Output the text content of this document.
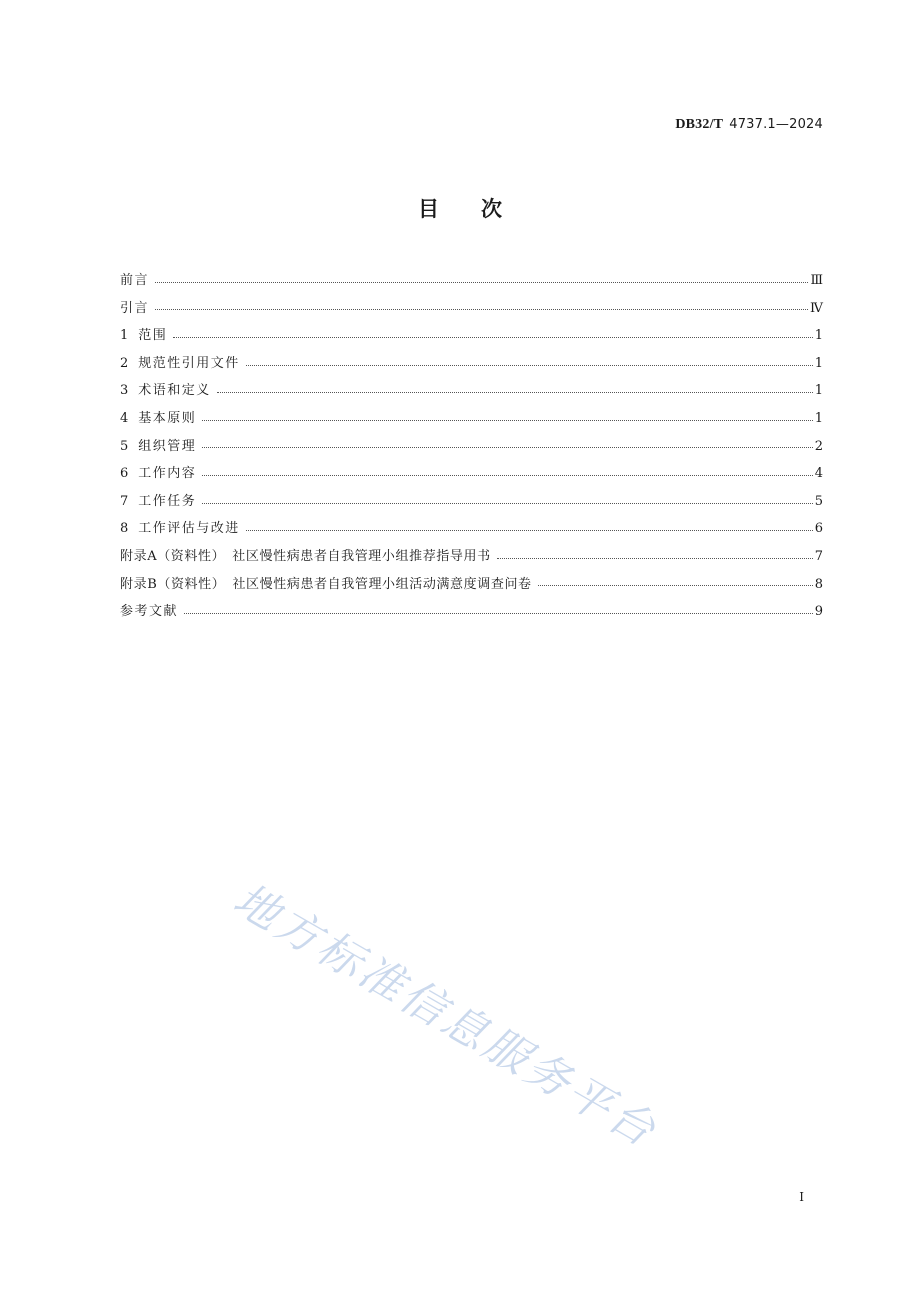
DB32/T 4737.1—2024
目　　次
前言	Ⅲ
引言	Ⅳ
1 范围	1
2 规范性引用文件	1
3 术语和定义	1
4 基本原则	1
5 组织管理	2
6 工作内容	4
7 工作任务	5
8 工作评估与改进	6
附录A（资料性）　社区慢性病患者自我管理小组推荐指导用书	7
附录B（资料性）　社区慢性病患者自我管理小组活动满意度调查问卷	8
参考文献	9
地方标准信息服务平台
I
